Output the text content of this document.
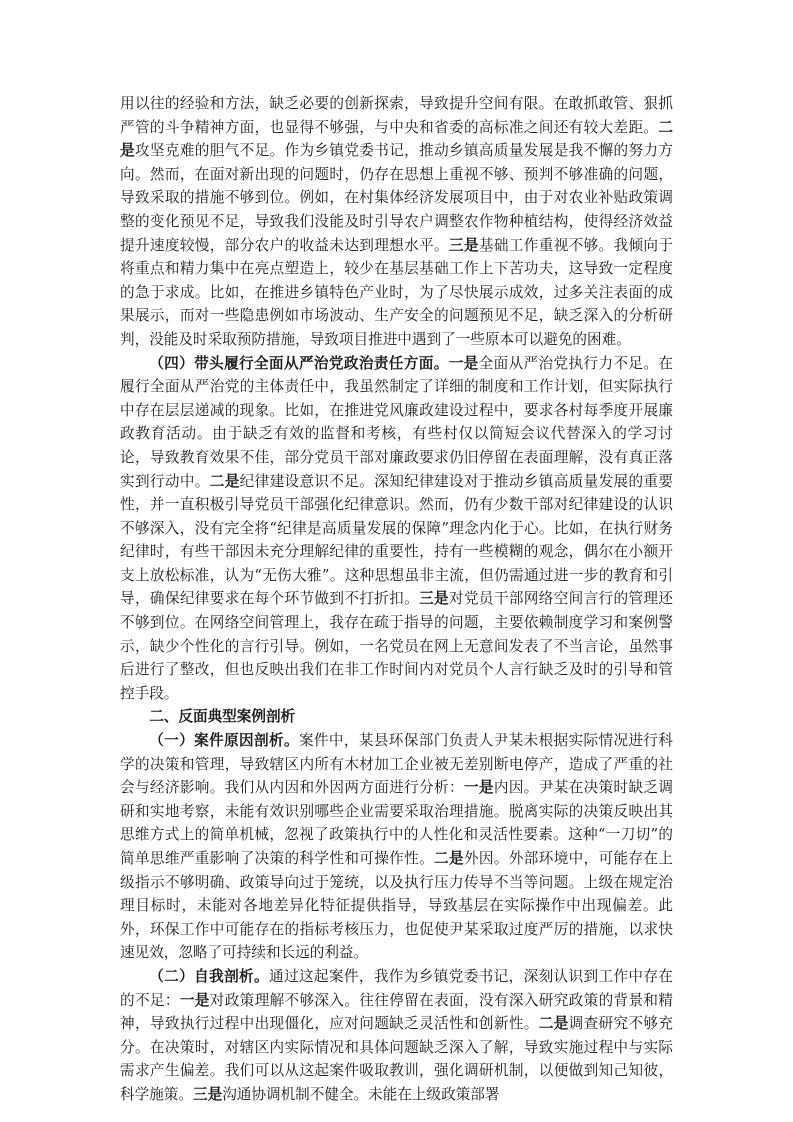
用以往的经验和方法，缺乏必要的创新探索，导致提升空间有限。在敢抓敢管、狠抓严管的斗争精神方面，也显得不够强，与中央和省委的高标准之间还有较大差距。二是攻坚克难的胆气不足。作为乡镇党委书记，推动乡镇高质量发展是我不懈的努力方向。然而，在面对新出现的问题时，仍存在思想上重视不够、预判不够准确的问题，导致采取的措施不够到位。例如，在村集体经济发展项目中，由于对农业补贴政策调整的变化预见不足，导致我们没能及时引导农户调整农作物种植结构，使得经济效益提升速度较慢，部分农户的收益未达到理想水平。三是基础工作重视不够。我倾向于将重点和精力集中在亮点塑造上，较少在基层基础工作上下苦功夫，这导致一定程度的急于求成。比如，在推进乡镇特色产业时，为了尽快展示成效，过多关注表面的成果展示，而对一些隐患例如市场波动、生产安全的问题预见不足，缺乏深入的分析研判，没能及时采取预防措施，导致项目推进中遇到了一些原本可以避免的困难。

（四）带头履行全面从严治党政治责任方面。一是全面从严治党执行力不足。在履行全面从严治党的主体责任中，我虽然制定了详细的制度和工作计划，但实际执行中存在层层递减的现象。比如，在推进党风廉政建设过程中，要求各村每季度开展廉政教育活动。由于缺乏有效的监督和考核，有些村仅以简短会议代替深入的学习讨论，导致教育效果不佳，部分党员干部对廉政要求仍旧停留在表面理解，没有真正落实到行动中。二是纪律建设意识不足。深知纪律建设对于推动乡镇高质量发展的重要性，并一直积极引导党员干部强化纪律意识。然而，仍有少数干部对纪律建设的认识不够深入，没有完全将“纪律是高质量发展的保障”理念内化于心。比如，在执行财务纪律时，有些干部因未充分理解纪律的重要性，持有一些模糊的观念，偶尔在小额开支上放松标准，认为“无伤大雅”。这种思想虽非主流，但仍需通过进一步的教育和引导，确保纪律要求在每个环节做到不打折扣。三是对党员干部网络空间言行的管理还不够到位。在网络空间管理上，我存在疏于指导的问题，主要依赖制度学习和案例警示，缺少个性化的言行引导。例如，一名党员在网上无意间发表了不当言论，虽然事后进行了整改，但也反映出我们在非工作时间内对党员个人言行缺乏及时的引导和管控手段。

二、反面典型案例剖析

（一）案件原因剖析。案件中，某县环保部门负责人尹某未根据实际情况进行科学的决策和管理，导致辖区内所有木材加工企业被无差别断电停产，造成了严重的社会与经济影响。我们从内因和外因两方面进行分析：一是内因。尹某在决策时缺乏调研和实地考察，未能有效识别哪些企业需要采取治理措施。脱离实际的决策反映出其思维方式上的简单机械，忽视了政策执行中的人性化和灵活性要素。这种“一刀切”的简单思维严重影响了决策的科学性和可操作性。二是外因。外部环境中，可能存在上级指示不够明确、政策导向过于笼统，以及执行压力传导不当等问题。上级在规定治理目标时，未能对各地差异化特征提供指导，导致基层在实际操作中出现偏差。此外，环保工作中可能存在的指标考核压力，也促使尹某采取过度严厉的措施，以求快速见效，忽略了可持续和长远的利益。

（二）自我剖析。通过这起案件，我作为乡镇党委书记，深刻认识到工作中存在的不足：一是对政策理解不够深入。往往停留在表面，没有深入研究政策的背景和精神，导致执行过程中出现僵化，应对问题缺乏灵活性和创新性。二是调查研究不够充分。在决策时，对辖区内实际情况和具体问题缺乏深入了解，导致实施过程中与实际需求产生偏差。我们可以从这起案件吸取教训，强化调研机制，以便做到知己知彼，科学施策。三是沟通协调机制不健全。未能在上级政策部署
